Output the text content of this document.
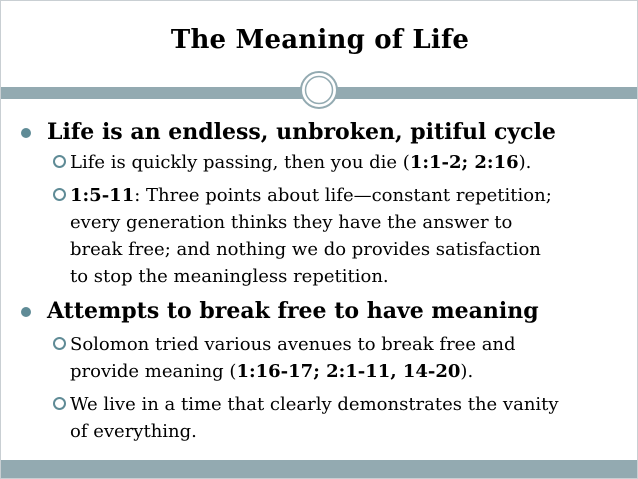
The Meaning of Life
Life is an endless, unbroken, pitiful cycle
Life is quickly passing, then you die (1:1-2; 2:16).
1:5-11: Three points about life—constant repetition;
every generation thinks they have the answer to
break free; and nothing we do provides satisfaction
to stop the meaningless repetition.
Attempts to break free to have meaning
Solomon tried various avenues to break free and
provide meaning (1:16-17; 2:1-11, 14-20).
We live in a time that clearly demonstrates the vanity
of everything.
